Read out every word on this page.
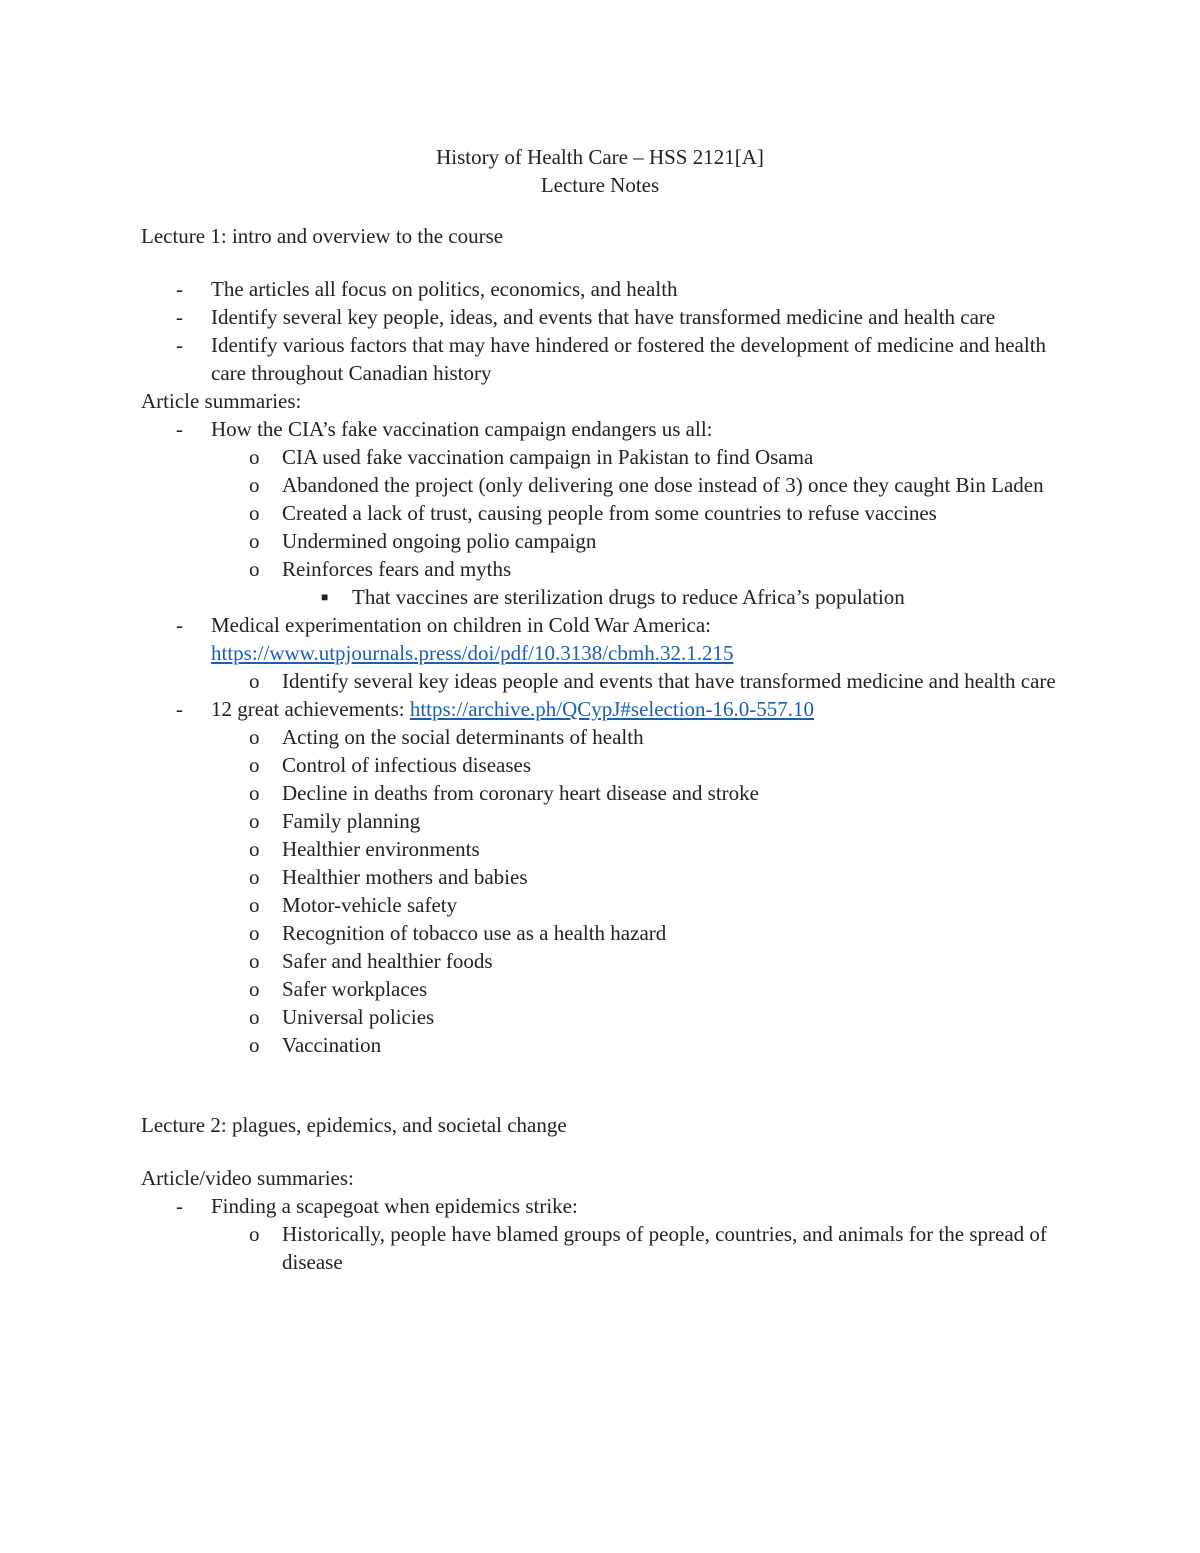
History of Health Care – HSS 2121[A]
Lecture Notes

Lecture 1: intro and overview to the course

- The articles all focus on politics, economics, and health
- Identify several key people, ideas, and events that have transformed medicine and health care
- Identify various factors that may have hindered or fostered the development of medicine and health care throughout Canadian history

Article summaries:

- How the CIA’s fake vaccination campaign endangers us all:
o CIA used fake vaccination campaign in Pakistan to find Osama
o Abandoned the project (only delivering one dose instead of 3) once they caught Bin Laden
o Created a lack of trust, causing people from some countries to refuse vaccines
o Undermined ongoing polio campaign
o Reinforces fears and myths
■ That vaccines are sterilization drugs to reduce Africa’s population
- Medical experimentation on children in Cold War America:
https://www.utpjournals.press/doi/pdf/10.3138/cbmh.32.1.215
o Identify several key ideas people and events that have transformed medicine and health care
- 12 great achievements: https://archive.ph/QCypJ#selection-16.0-557.10
o Acting on the social determinants of health
o Control of infectious diseases
o Decline in deaths from coronary heart disease and stroke
o Family planning
o Healthier environments
o Healthier mothers and babies
o Motor-vehicle safety
o Recognition of tobacco use as a health hazard
o Safer and healthier foods
o Safer workplaces
o Universal policies
o Vaccination

Lecture 2: plagues, epidemics, and societal change

Article/video summaries:

- Finding a scapegoat when epidemics strike:
o Historically, people have blamed groups of people, countries, and animals for the spread of disease
